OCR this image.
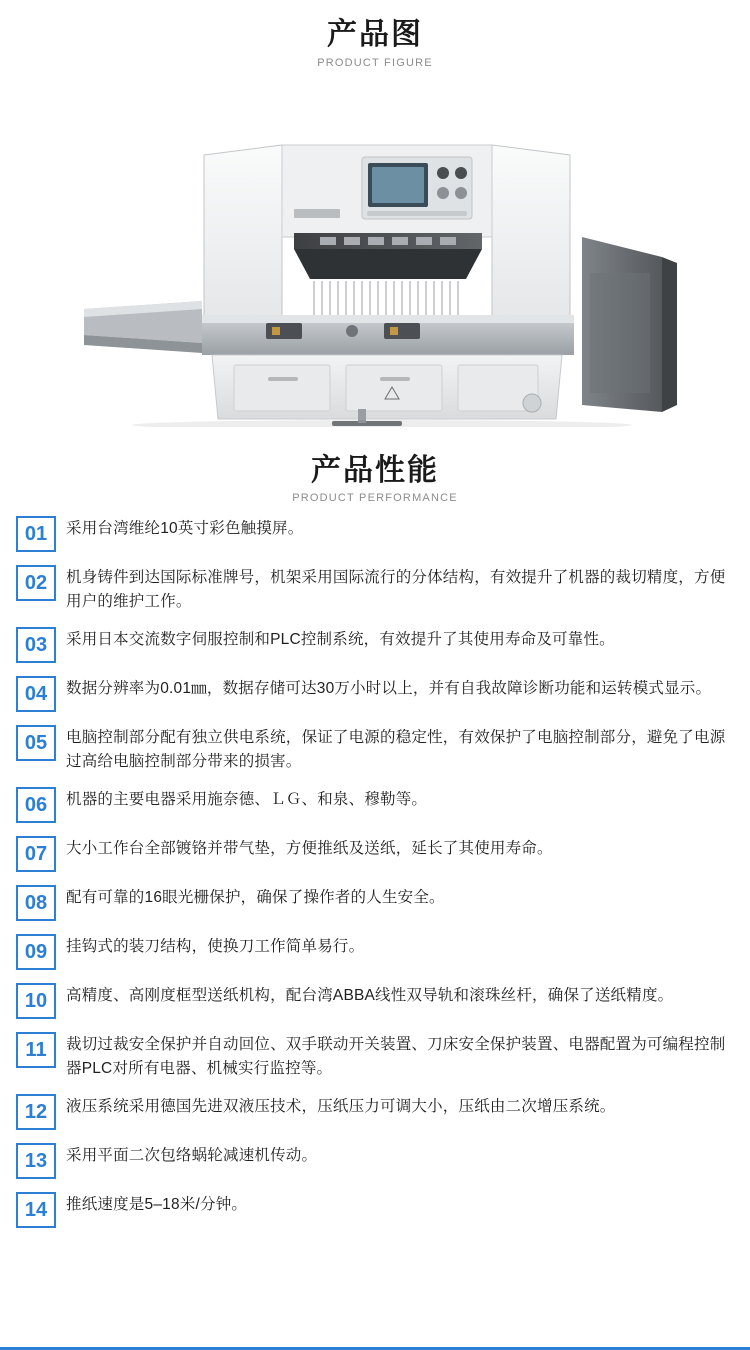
产品图
PRODUCT FIGURE
产品性能
PRODUCT PERFORMANCE
01	采用台湾维纶10英寸彩色触摸屏。
02	机身铸件到达国际标准牌号，机架采用国际流行的分体结构，有效提升了机器的裁切精度，方便用户的维护工作。
03	采用日本交流数字伺服控制和PLC控制系统，有效提升了其使用寿命及可靠性。
04	数据分辨率为0.01㎜，数据存储可达30万小时以上，并有自我故障诊断功能和运转模式显示。
05	电脑控制部分配有独立供电系统，保证了电源的稳定性，有效保护了电脑控制部分，避免了电源过高给电脑控制部分带来的损害。
06	机器的主要电器采用施奈德、ＬＧ、和泉、穆勒等。
07	大小工作台全部镀铬并带气垫，方便推纸及送纸，延长了其使用寿命。
08	配有可靠的16眼光栅保护，确保了操作者的人生安全。
09	挂钩式的装刀结构，使换刀工作简单易行。
10	高精度、高刚度框型送纸机构，配台湾ABBA线性双导轨和滚珠丝杆，确保了送纸精度。
11	裁切过裁安全保护并自动回位、双手联动开关装置、刀床安全保护装置、电器配置为可编程控制器PLC对所有电器、机械实行监控等。
12	液压系统采用德国先进双液压技术，压纸压力可调大小，压纸由二次增压系统。
13	采用平面二次包络蜗轮减速机传动。
14	推纸速度是5–18米/分钟。
